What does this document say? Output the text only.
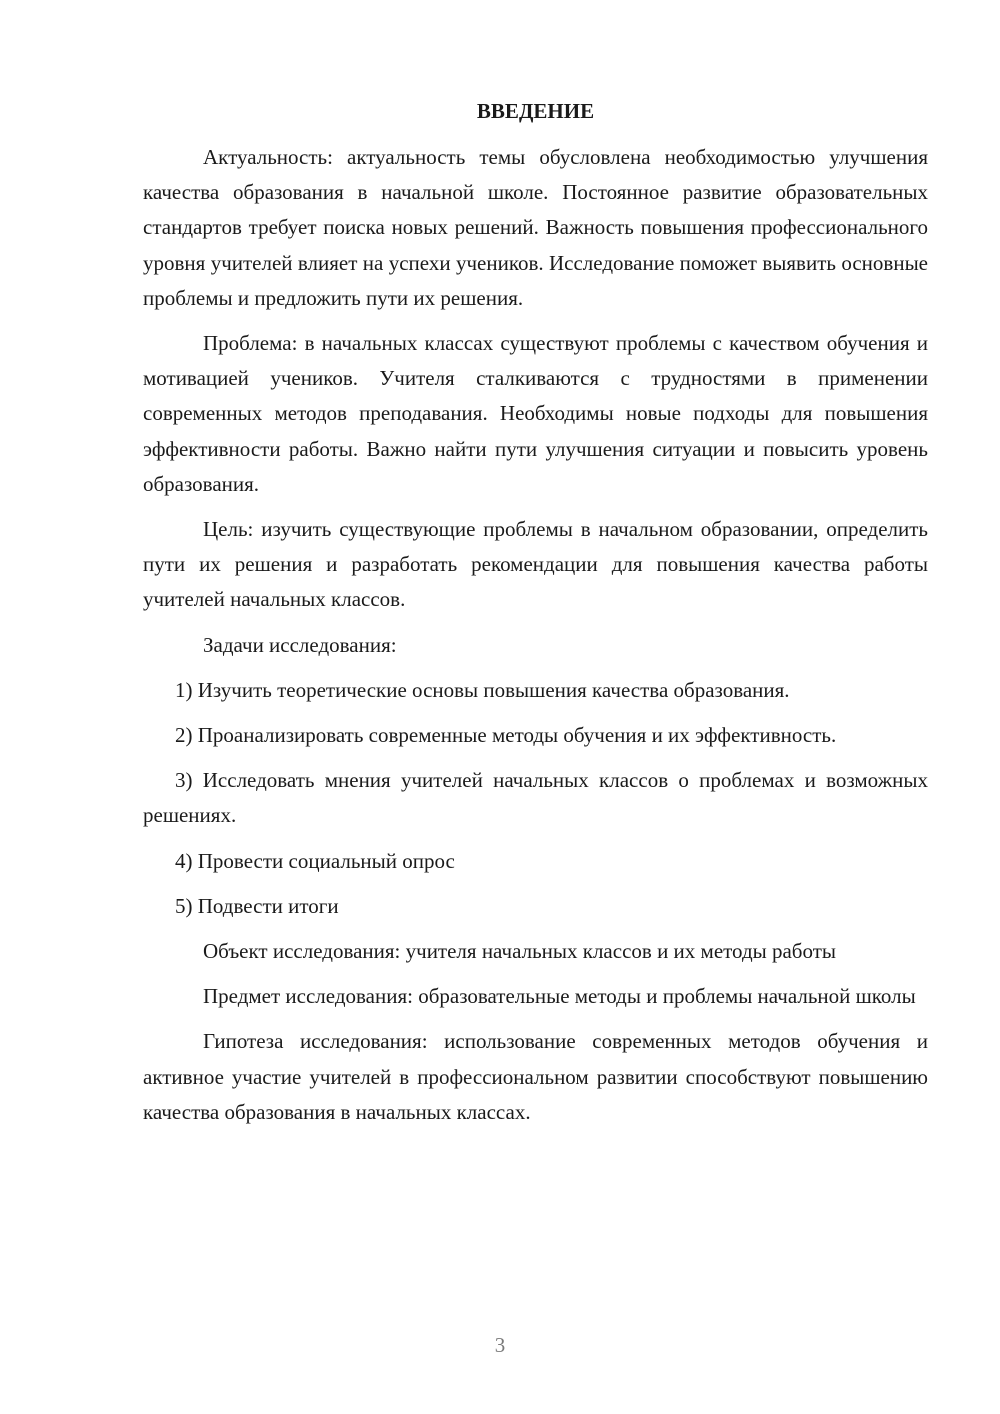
ВВЕДЕНИЕ

Актуальность: актуальность темы обусловлена необходимостью улучшения качества образования в начальной школе. Постоянное развитие образовательных стандартов требует поиска новых решений. Важность повышения профессионального уровня учителей влияет на успехи учеников. Исследование поможет выявить основные проблемы и предложить пути их решения.

Проблема: в начальных классах существуют проблемы с качеством обучения и мотивацией учеников. Учителя сталкиваются с трудностями в применении современных методов преподавания. Необходимы новые подходы для повышения эффективности работы. Важно найти пути улучшения ситуации и повысить уровень образования.

Цель: изучить существующие проблемы в начальном образовании, определить пути их решения и разработать рекомендации для повышения качества работы учителей начальных классов.

Задачи исследования:

1) Изучить теоретические основы повышения качества образования.

2) Проанализировать современные методы обучения и их эффективность.

3) Исследовать мнения учителей начальных классов о проблемах и возможных решениях.

4) Провести социальный опрос

5) Подвести итоги

Объект исследования: учителя начальных классов и их методы работы

Предмет исследования: образовательные методы и проблемы начальной школы

Гипотеза исследования: использование современных методов обучения и активное участие учителей в профессиональном развитии способствуют повышению качества образования в начальных классах.

3
